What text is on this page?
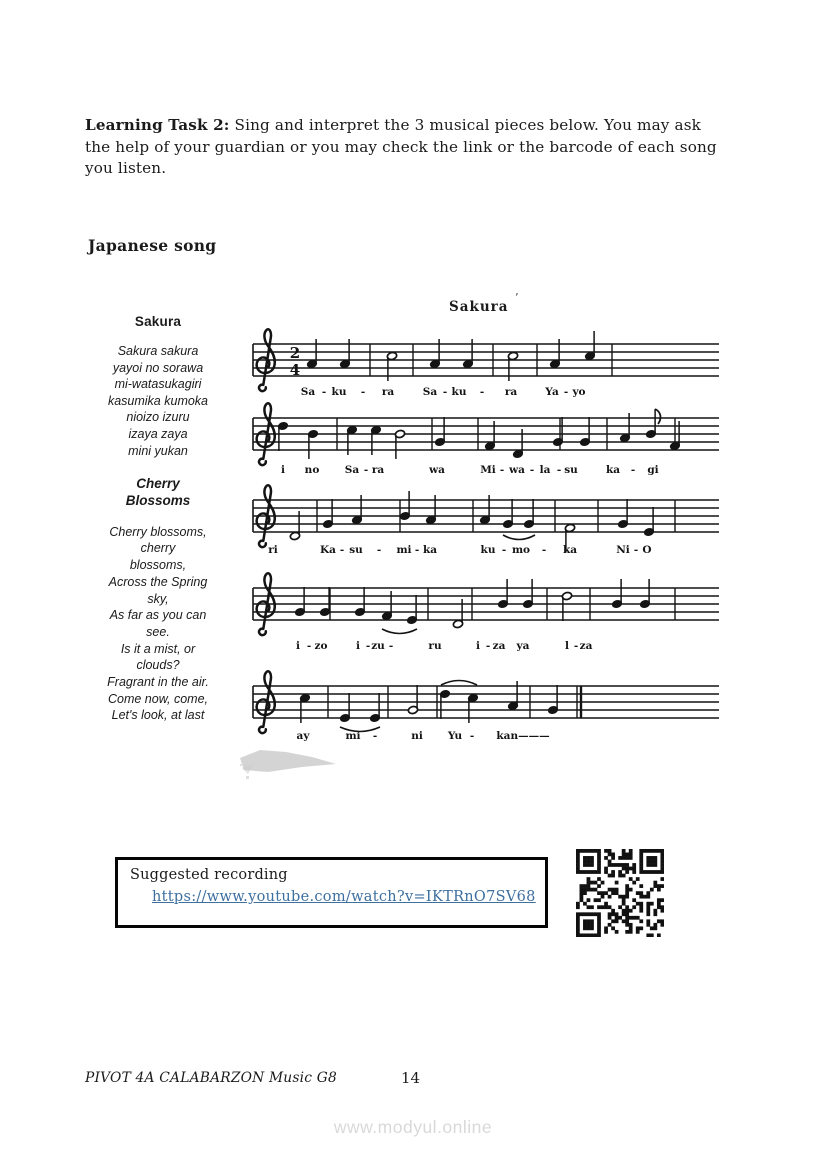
Learning Task 2: Sing and interpret the 3 musical pieces below. You may ask the help of your guardian or you may check the link or the barcode of each song you listen.

Japanese song
Sakura
’
Sakura
Sakura sakura
yayoi no sorawa
mi-watasukagiri
kasumika kumoka
nioizo izuru
izaya zaya
mini yukan
Cherry
Blossoms
Cherry blossoms,
cherry
blossoms,
Across the Spring
sky,
As far as you can
see.
Is it a mist, or
clouds?
Fragrant in the air.
Come now, come,
Let's look, at last
2
4
Suggested recording
https://www.youtube.com/watch?v=IKTRnO7SV68
PIVOT 4A CALABARZON Music G8	14
www.modyul.online
Sa - ku - ra	Sa - ku - ra	Ya - yo
i no Sa - ra	wa	Mi - wa - la - su	ka - gi
ri	Ka - su - mi - ka	ku - mo - ka	Ni - O
i - zo	i - zu -	ru	i - za ya	l - za
ay	mi -	ni Yu - kan———
